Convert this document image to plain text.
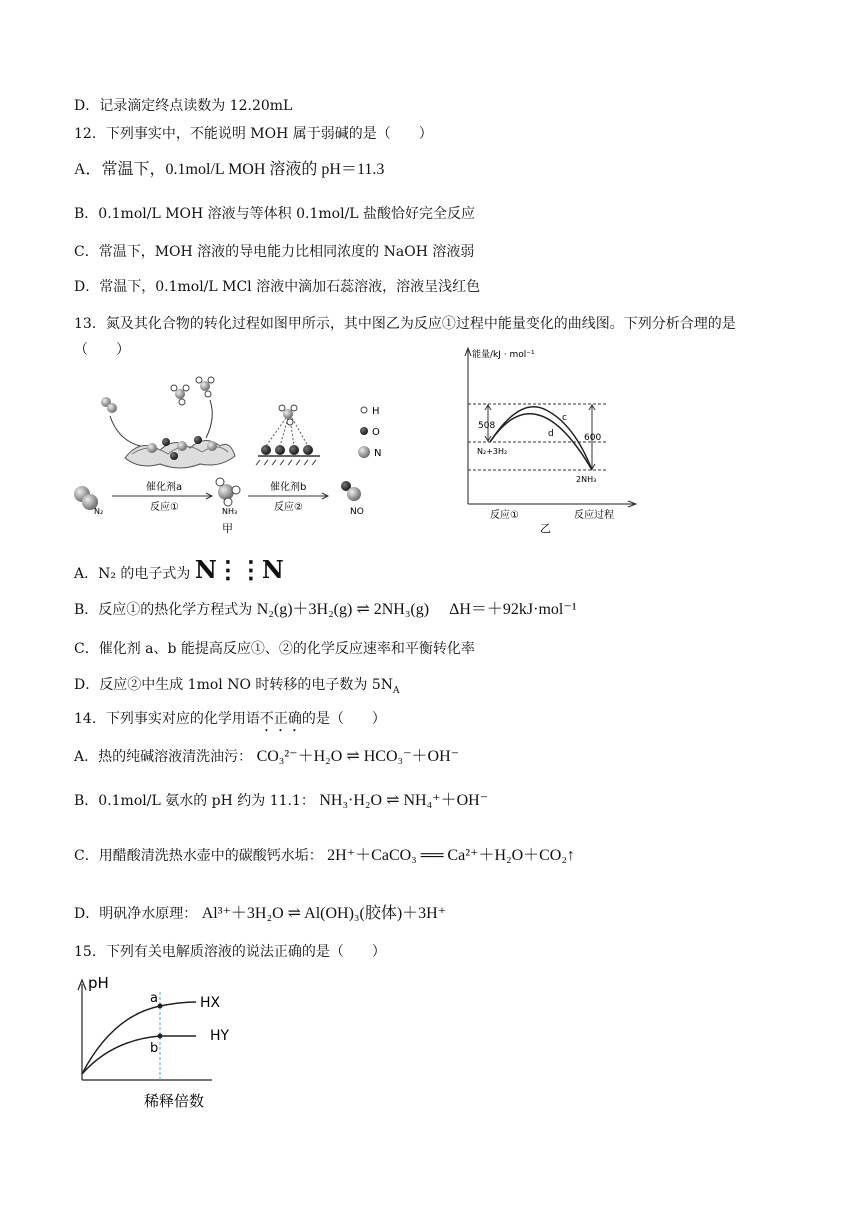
D．记录滴定终点读数为 12.20mL
12．下列事实中，不能说明 MOH 属于弱碱的是（　　）
A．常温下，0.1mol/L MOH 溶液的 pH＝11.3
B．0.1mol/L MOH 溶液与等体积 0.1mol/L 盐酸恰好完全反应
C．常温下，MOH 溶液的导电能力比相同浓度的 NaOH 溶液弱
D．常温下，0.1mol/L MCl 溶液中滴加石蕊溶液，溶液呈浅红色
13．氮及其化合物的转化过程如图甲所示，其中图乙为反应①过程中能量变化的曲线图。下列分析合理的是
（　　）
H
O
N
N₂
催化剂a
反应①	NH₃
催化剂b
反应②	NO
甲
能量/kJ · mol⁻¹
508
600
c
d
N₂+3H₂
2NH₃
反应①	反应过程
乙
A．N₂ 的电子式为 N⋮⋮N
B．反应①的热化学方程式为 N₂(g)＋3H₂(g) ⇌ 2NH₃(g)　 ΔH＝＋92kJ·mol⁻¹
C．催化剂 a、b 能提高反应①、②的化学反应速率和平衡转化率
D．反应②中生成 1mol NO 时转移的电子数为 $5N_A$
14．下列事实对应的化学用语不正确的是（　　）
A．热的纯碱溶液清洗油污： CO₃²⁻＋H₂O ⇌ HCO₃⁻＋OH⁻
B．0.1mol/L 氨水的 pH 约为 11.1： NH₃·H₂O ⇌ NH₄⁺＋OH⁻
C．用醋酸清洗热水壶中的碳酸钙水垢： 2H⁺＋CaCO₃ ══ Ca²⁺＋H₂O＋CO₂↑
D．明矾净水原理： Al³⁺＋3H₂O ⇌ Al(OH)₃(胶体)＋3H⁺
15．下列有关电解质溶液的说法正确的是（　　）
pH
a
b
HX
HY
稀释倍数
